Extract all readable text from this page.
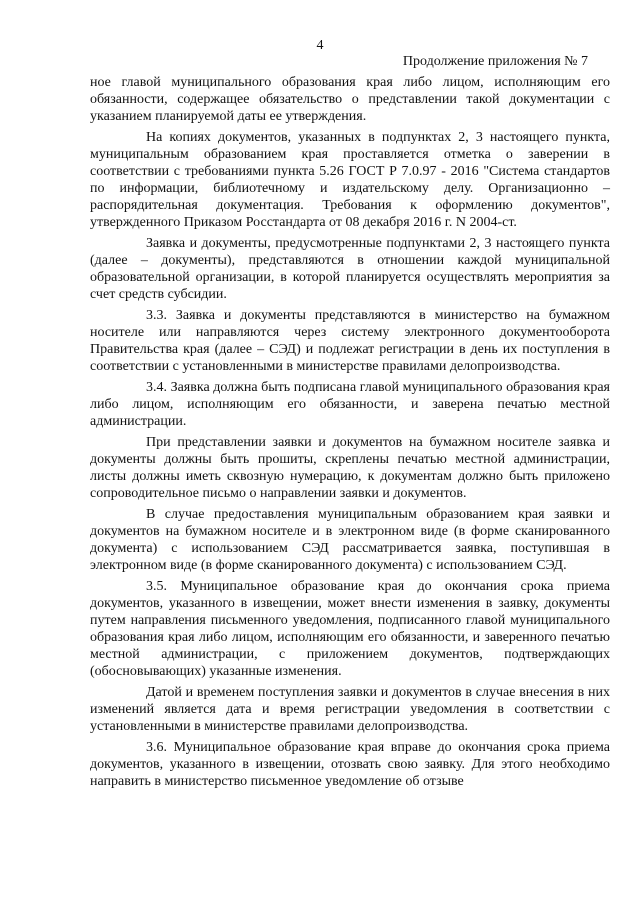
4
Продолжение приложения № 7

ное главой муниципального образования края либо лицом, исполняющим его обязанности, содержащее обязательство о представлении такой документации с указанием планируемой даты ее утверждения.

На копиях документов, указанных в подпунктах 2, 3 настоящего пункта, муниципальным образованием края проставляется отметка о заверении в соответствии с требованиями пункта 5.26 ГОСТ Р 7.0.97 - 2016 "Система стандартов по информации, библиотечному и издательскому делу. Организационно – распорядительная документация. Требования к оформлению документов", утвержденного Приказом Росстандарта от 08 декабря 2016 г. N 2004-ст.

Заявка и документы, предусмотренные подпунктами 2, 3 настоящего пункта (далее – документы), представляются в отношении каждой муниципальной образовательной организации, в которой планируется осуществлять мероприятия за счет средств субсидии.

3.3. Заявка и документы представляются в министерство на бумажном носителе или направляются через систему электронного документооборота Правительства края (далее – СЭД) и подлежат регистрации в день их поступления в соответствии с установленными в министерстве правилами делопроизводства.

3.4. Заявка должна быть подписана главой муниципального образования края либо лицом, исполняющим его обязанности, и заверена печатью местной администрации.

При представлении заявки и документов на бумажном носителе заявка и документы должны быть прошиты, скреплены печатью местной администрации, листы должны иметь сквозную нумерацию, к документам должно быть приложено сопроводительное письмо о направлении заявки и документов.

В случае предоставления муниципальным образованием края заявки и документов на бумажном носителе и в электронном виде (в форме сканированного документа) с использованием СЭД рассматривается заявка, поступившая в электронном виде (в форме сканированного документа) с использованием СЭД.

3.5. Муниципальное образование края до окончания срока приема документов, указанного в извещении, может внести изменения в заявку, документы путем направления письменного уведомления, подписанного главой муниципального образования края либо лицом, исполняющим его обязанности, и заверенного печатью местной администрации, с приложением документов, подтверждающих (обосновывающих) указанные изменения.

Датой и временем поступления заявки и документов в случае внесения в них изменений является дата и время регистрации уведомления в соответствии с установленными в министерстве правилами делопроизводства.

3.6. Муниципальное образование края вправе до окончания срока приема документов, указанного в извещении, отозвать свою заявку. Для этого необходимо направить в министерство письменное уведомление об отзыве
